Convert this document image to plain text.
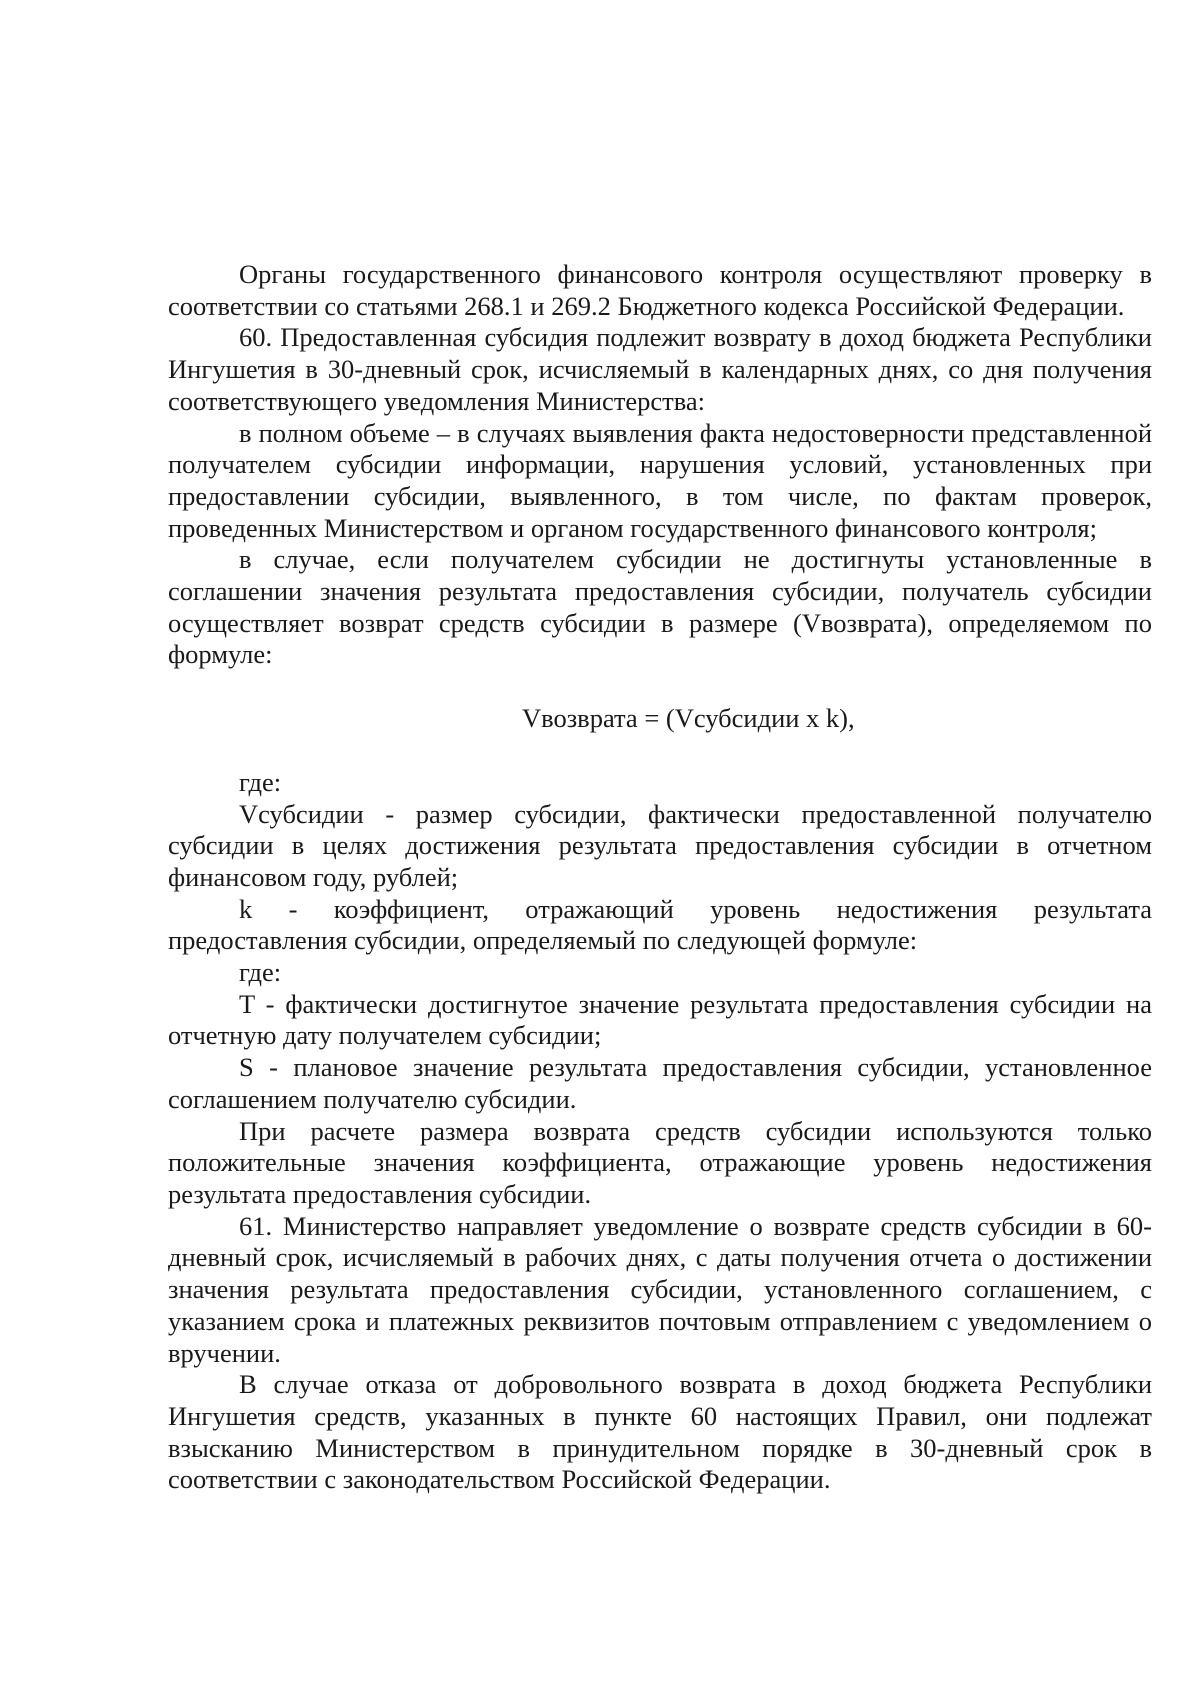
Органы государственного финансового контроля осуществляют проверку в соответствии со статьями 268.1 и 269.2 Бюджетного кодекса Российской Федерации.

60. Предоставленная субсидия подлежит возврату в доход бюджета Республики Ингушетия в 30-дневный срок, исчисляемый в календарных днях, со дня получения соответствующего уведомления Министерства:

в полном объеме – в случаях выявления факта недостоверности представленной получателем субсидии информации, нарушения условий, установленных при предоставлении субсидии, выявленного, в том числе, по фактам проверок, проведенных Министерством и органом государственного финансового контроля;

в случае, если получателем субсидии не достигнуты установленные в соглашении значения результата предоставления субсидии, получатель субсидии осуществляет возврат средств субсидии в размере (Vвозврата), определяемом по формуле:

Vвозврата = (Vсубсидии x k),

где:

Vсубсидии - размер субсидии, фактически предоставленной получателю субсидии в целях достижения результата предоставления субсидии в отчетном финансовом году, рублей;

k - коэффициент, отражающий уровень недостижения результата предоставления субсидии, определяемый по следующей формуле:

где:

T - фактически достигнутое значение результата предоставления субсидии на отчетную дату получателем субсидии;

S - плановое значение результата предоставления субсидии, установленное соглашением получателю субсидии.

При расчете размера возврата средств субсидии используются только положительные значения коэффициента, отражающие уровень недостижения результата предоставления субсидии.

61. Министерство направляет уведомление о возврате средств субсидии в 60-дневный срок, исчисляемый в рабочих днях, с даты получения отчета о достижении значения результата предоставления субсидии, установленного соглашением, с указанием срока и платежных реквизитов почтовым отправлением с уведомлением о вручении.

В случае отказа от добровольного возврата в доход бюджета Республики Ингушетия средств, указанных в пункте 60 настоящих Правил, они подлежат взысканию Министерством в принудительном порядке в 30-дневный срок в соответствии с законодательством Российской Федерации.
